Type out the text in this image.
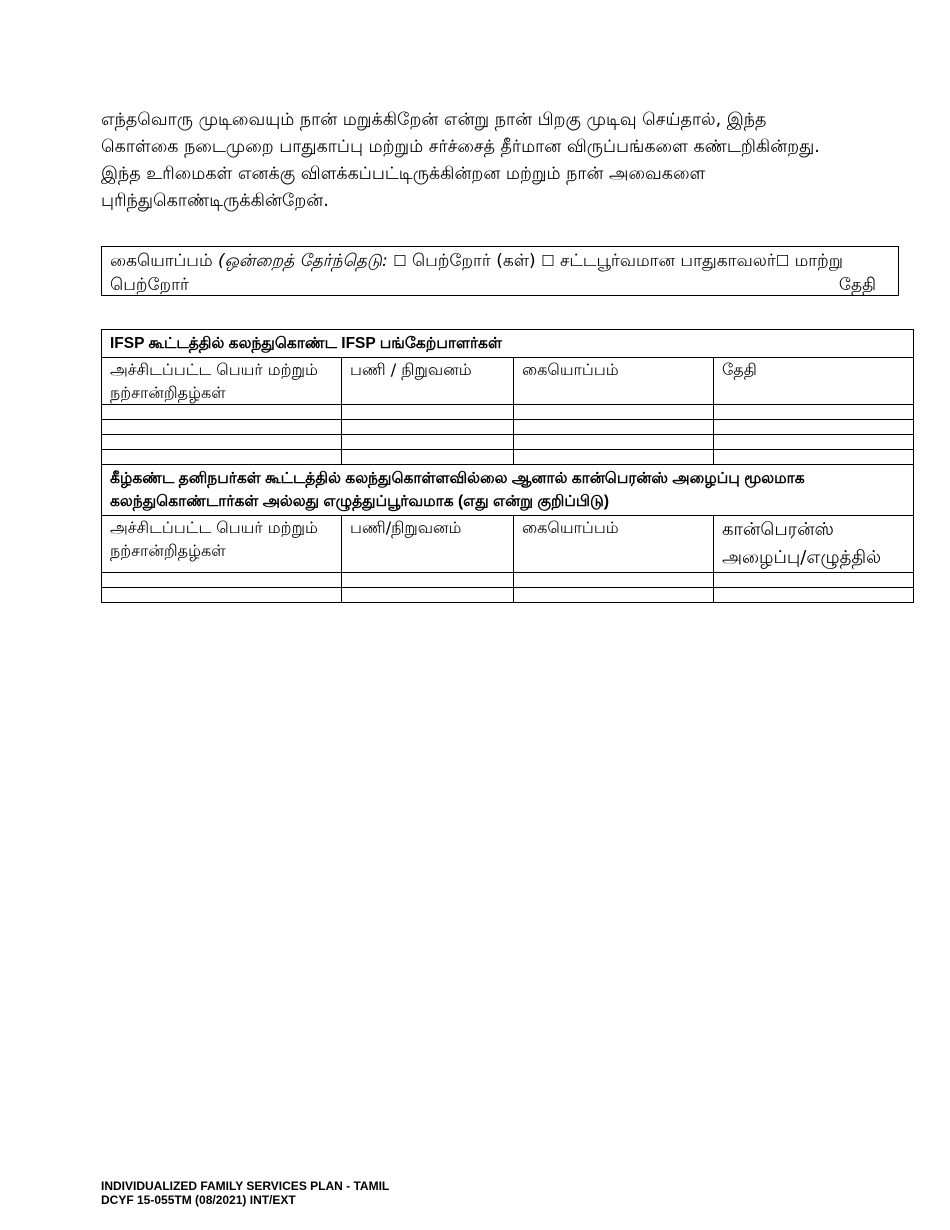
எந்தவொரு முடிவையும் நான் மறுக்கிறேன் என்று நான் பிறகு முடிவு செய்தால், இந்த

கொள்கை நடைமுறை பாதுகாப்பு மற்றும் சர்ச்சைத் தீர்மான விருப்பங்களை கண்டறிகின்றது.

இந்த உரிமைகள் எனக்கு விளக்கப்பட்டிருக்கின்றன மற்றும் நான் அவைகளை

புரிந்துகொண்டிருக்கின்றேன்.

கையொப்பம் (ஒன்றைத் தேர்ந்தெடு: ☐ பெற்றோர் (கள்) ☐ சட்டபூர்வமான பாதுகாவலர்☐ மாற்று
பெற்றோர்	தேதி
IFSP கூட்டத்தில் கலந்துகொண்ட IFSP பங்கேற்பாளர்கள்			
அச்சிடப்பட்ட பெயர் மற்றும் நற்சான்றிதழ்கள்	பணி / நிறுவனம்	கையொப்பம்	தேதி

கீழ்கண்ட தனிநபர்கள் கூட்டத்தில் கலந்துகொள்ளவில்லை ஆனால் கான்பெரன்ஸ் அழைப்பு மூலமாக கலந்துகொண்டார்கள் அல்லது எழுத்துப்பூர்வமாக (எது என்று குறிப்பிடு)			
அச்சிடப்பட்ட பெயர் மற்றும் நற்சான்றிதழ்கள்	பணி/நிறுவனம்	கையொப்பம்	கான்பெரன்ஸ் அழைப்பு/எழுத்தில்

INDIVIDUALIZED FAMILY SERVICES PLAN - TAMIL
DCYF 15-055TM (08/2021) INT/EXT
